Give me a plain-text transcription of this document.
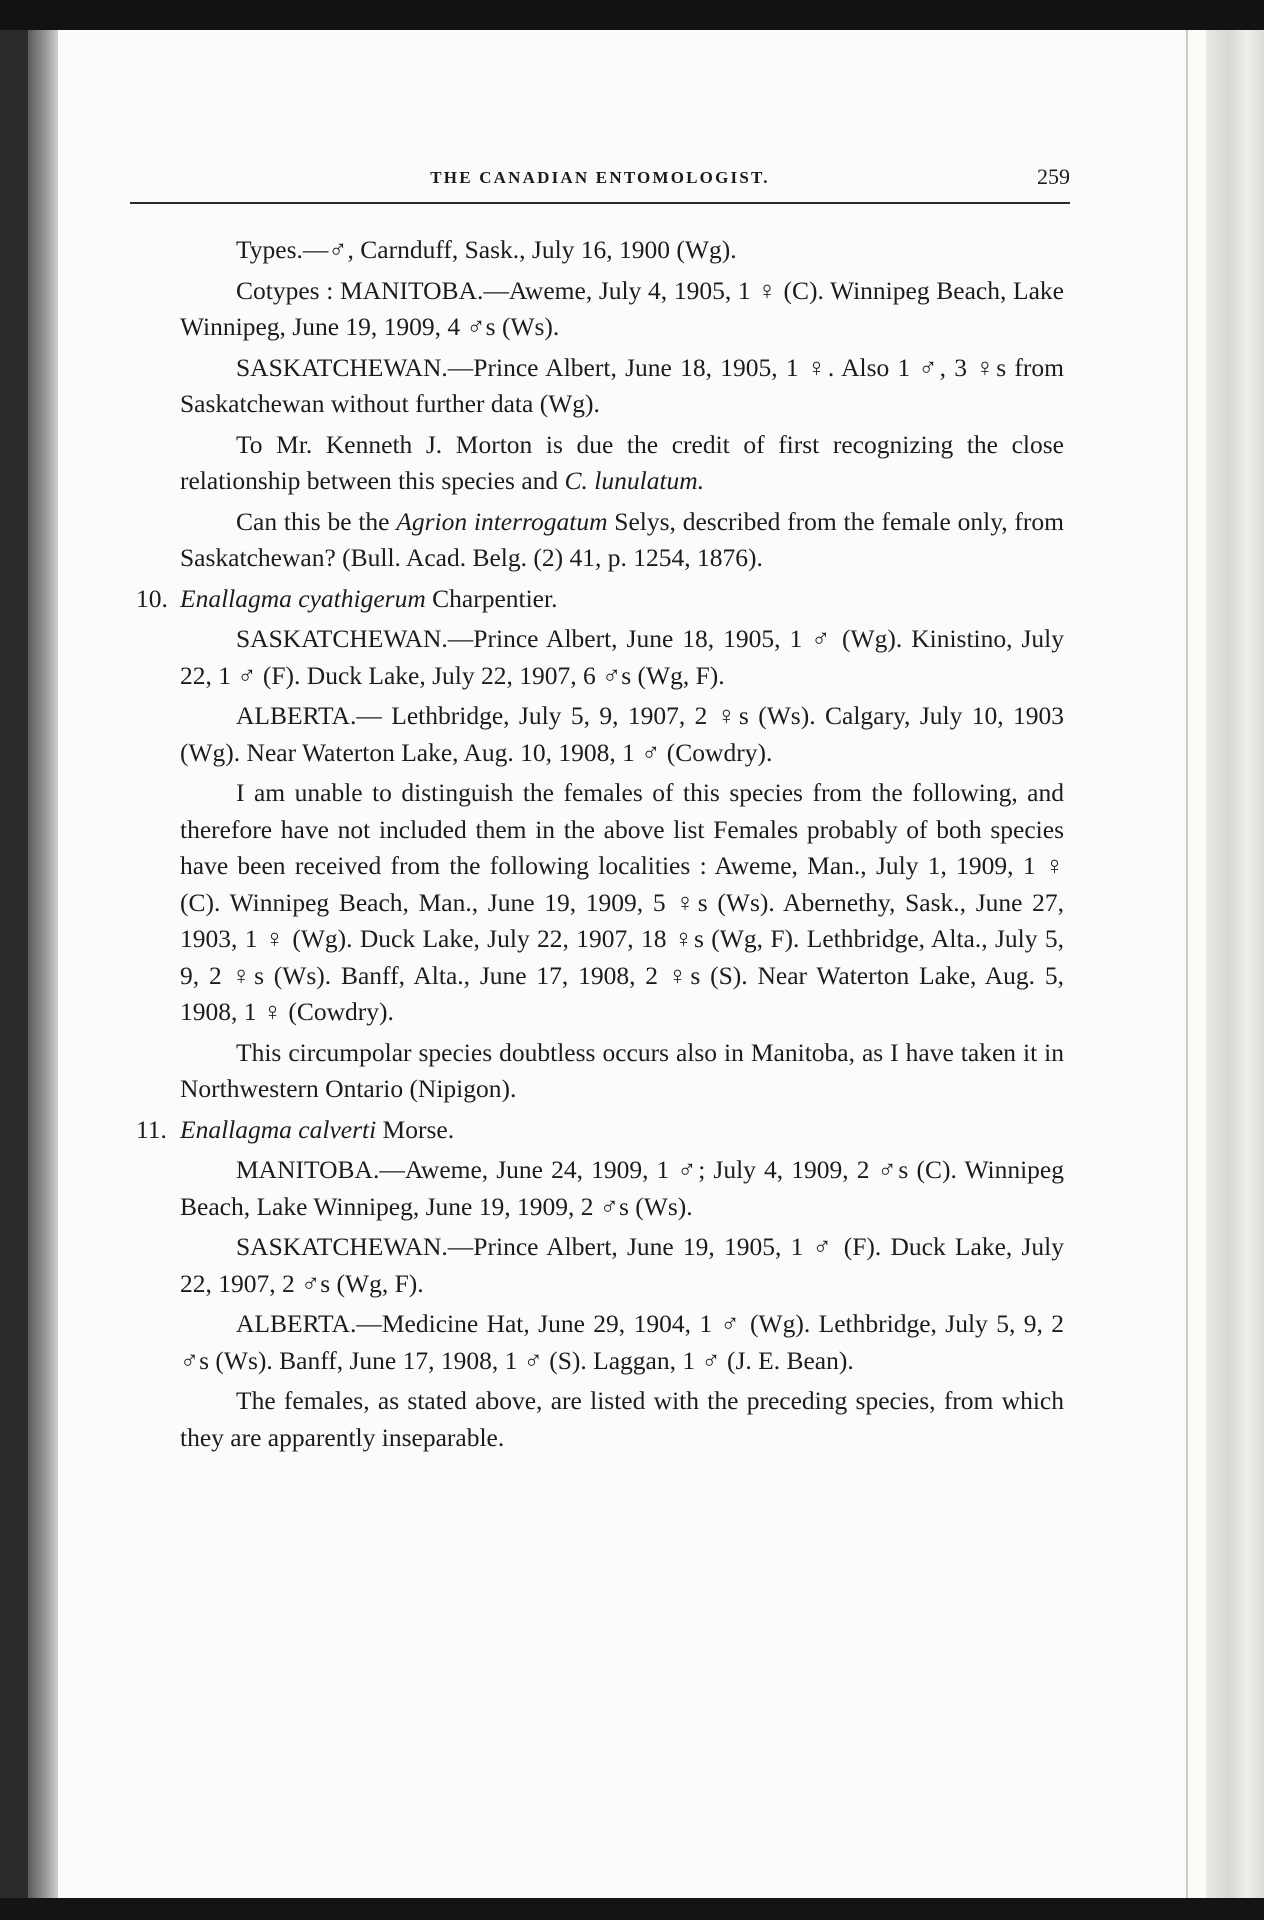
THE CANADIAN ENTOMOLOGIST.	259

Types.—♂, Carnduff, Sask., July 16, 1900 (Wg).

Cotypes : MANITOBA.—Aweme, July 4, 1905, 1 ♀ (C). Winnipeg Beach, Lake Winnipeg, June 19, 1909, 4 ♂s (Ws).

SASKATCHEWAN.—Prince Albert, June 18, 1905, 1 ♀. Also 1 ♂, 3 ♀s from Saskatchewan without further data (Wg).

To Mr. Kenneth J. Morton is due the credit of first recognizing the close relationship between this species and C. lunulatum.

Can this be the Agrion interrogatum Selys, described from the female only, from Saskatchewan? (Bull. Acad. Belg. (2) 41, p. 1254, 1876).

10. Enallagma cyathigerum Charpentier.

SASKATCHEWAN.—Prince Albert, June 18, 1905, 1 ♂ (Wg). Kinistino, July 22, 1 ♂ (F). Duck Lake, July 22, 1907, 6 ♂s (Wg, F).

ALBERTA.— Lethbridge, July 5, 9, 1907, 2 ♀s (Ws). Calgary, July 10, 1903 (Wg). Near Waterton Lake, Aug. 10, 1908, 1 ♂ (Cowdry).

I am unable to distinguish the females of this species from the following, and therefore have not included them in the above list Females probably of both species have been received from the following localities : Aweme, Man., July 1, 1909, 1 ♀ (C). Winnipeg Beach, Man., June 19, 1909, 5 ♀s (Ws). Abernethy, Sask., June 27, 1903, 1 ♀ (Wg). Duck Lake, July 22, 1907, 18 ♀s (Wg, F). Lethbridge, Alta., July 5, 9, 2 ♀s (Ws). Banff, Alta., June 17, 1908, 2 ♀s (S). Near Waterton Lake, Aug. 5, 1908, 1 ♀ (Cowdry).

This circumpolar species doubtless occurs also in Manitoba, as I have taken it in Northwestern Ontario (Nipigon).

11. Enallagma calverti Morse.

MANITOBA.—Aweme, June 24, 1909, 1 ♂; July 4, 1909, 2 ♂s (C). Winnipeg Beach, Lake Winnipeg, June 19, 1909, 2 ♂s (Ws).

SASKATCHEWAN.—Prince Albert, June 19, 1905, 1 ♂ (F). Duck Lake, July 22, 1907, 2 ♂s (Wg, F).

ALBERTA.—Medicine Hat, June 29, 1904, 1 ♂ (Wg). Lethbridge, July 5, 9, 2 ♂s (Ws). Banff, June 17, 1908, 1 ♂ (S). Laggan, 1 ♂ (J. E. Bean).

The females, as stated above, are listed with the preceding species, from which they are apparently inseparable.
